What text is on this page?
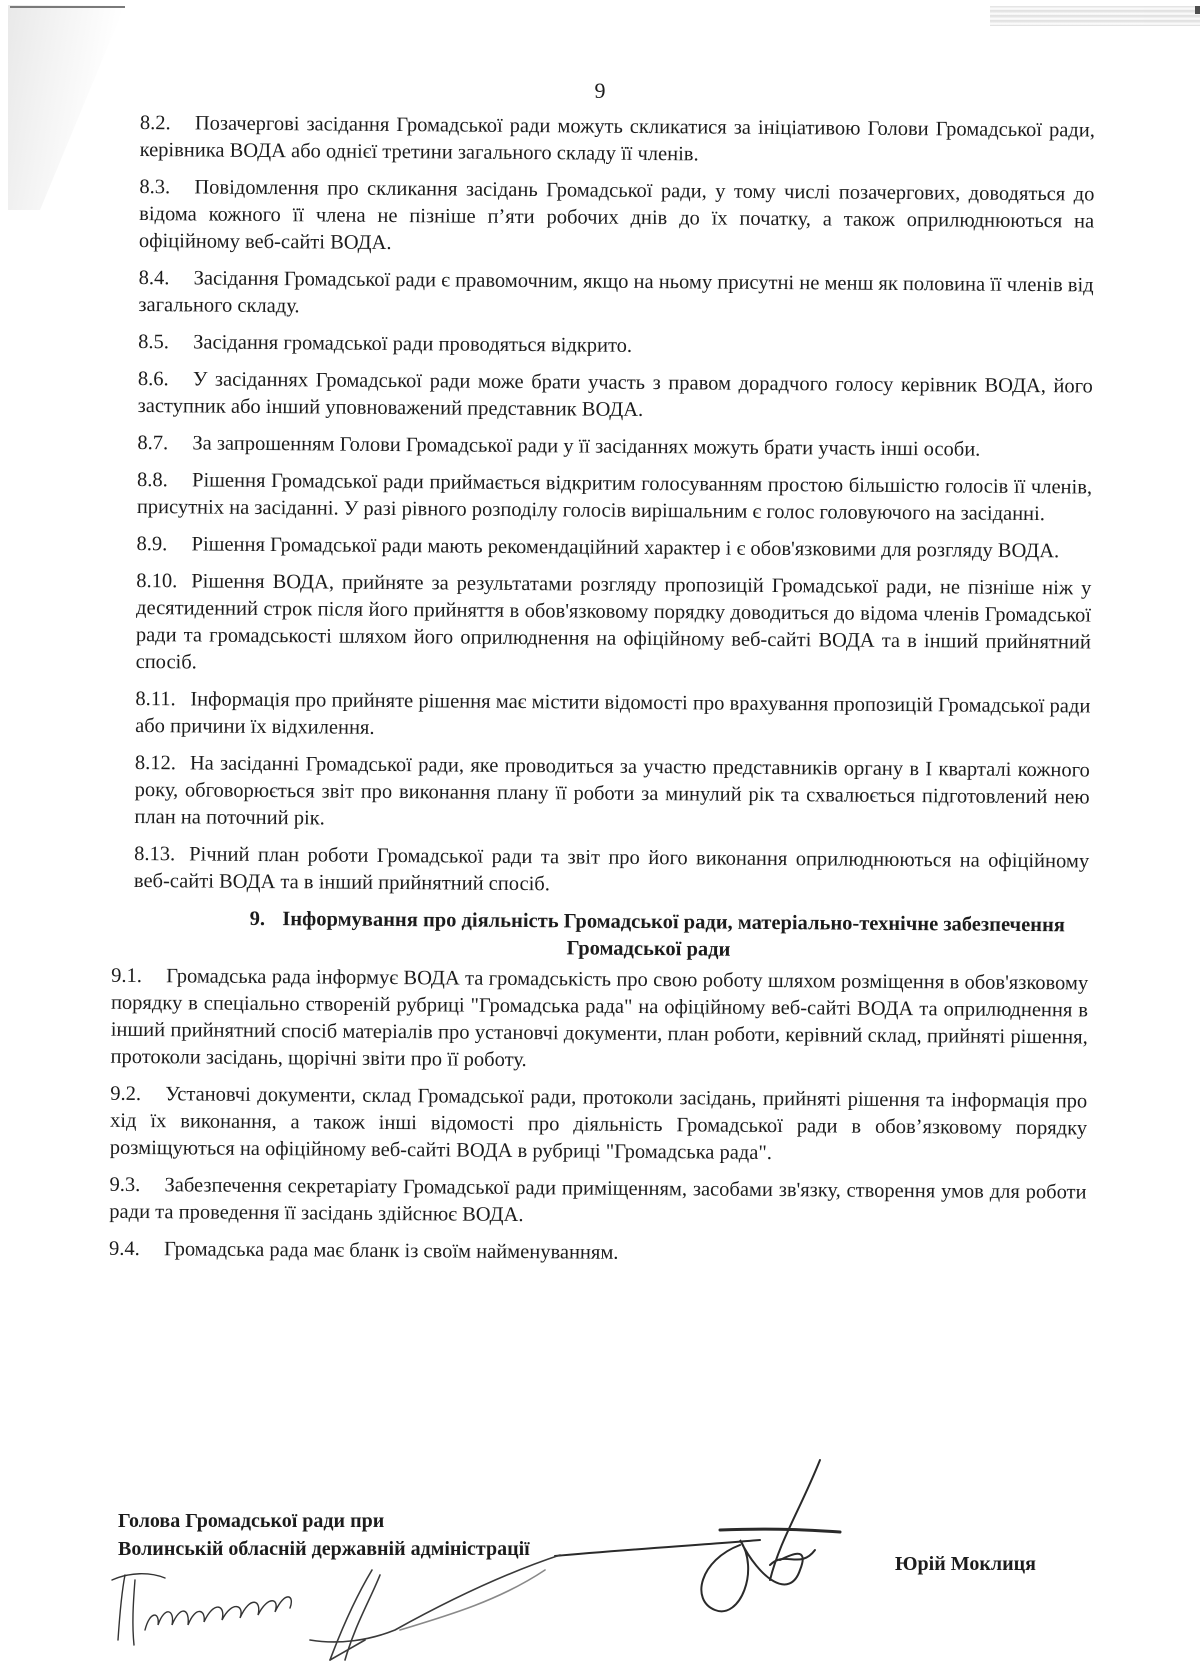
9

8.2. Позачергові засідання Громадської ради можуть скликатися за ініціативою Голови Громадської ради, керівника ВОДА або однієї третини загального складу її членів.

8.3. Повідомлення про скликання засідань Громадської ради, у тому числі позачергових, доводяться до відома кожного її члена не пізніше п’яти робочих днів до їх початку, а також оприлюднюються на офіційному веб-сайті ВОДА.

8.4. Засідання Громадської ради є правомочним, якщо на ньому присутні не менш як половина її членів від загального складу.

8.5. Засідання громадської ради проводяться відкрито.

8.6. У засіданнях Громадської ради може брати участь з правом дорадчого голосу керівник ВОДА, його заступник або інший уповноважений представник ВОДА.

8.7. За запрошенням Голови Громадської ради у її засіданнях можуть брати участь інші особи.

8.8. Рішення Громадської ради приймається відкритим голосуванням простою більшістю голосів її членів, присутніх на засіданні. У разі рівного розподілу голосів вирішальним є голос головуючого на засіданні.

8.9. Рішення Громадської ради мають рекомендаційний характер і є обов'язковими для розгляду ВОДА.

8.10. Рішення ВОДА, прийняте за результатами розгляду пропозицій Громадської ради, не пізніше ніж у десятиденний строк після його прийняття в обов'язковому порядку доводиться до відома членів Громадської ради та громадськості шляхом його оприлюднення на офіційному веб-сайті ВОДА та в інший прийнятний спосіб.

8.11. Інформація про прийняте рішення має містити відомості про врахування пропозицій Громадської ради або причини їх відхилення.

8.12. На засіданні Громадської ради, яке проводиться за участю представників органу в I кварталі кожного року, обговорюється звіт про виконання плану її роботи за минулий рік та схвалюється підготовлений нею план на поточний рік.

8.13. Річний план роботи Громадської ради та звіт про його виконання оприлюднюються на офіційному веб-сайті ВОДА та в інший прийнятний спосіб.

9. Інформування про діяльність Громадської ради, матеріально-технічне забезпечення Громадської ради

9.1. Громадська рада інформує ВОДА та громадськість про свою роботу шляхом розміщення в обов'язковому порядку в спеціально створеній рубриці "Громадська рада" на офіційному веб-сайті ВОДА та оприлюднення в інший прийнятний спосіб матеріалів про установчі документи, план роботи, керівний склад, прийняті рішення, протоколи засідань, щорічні звіти про її роботу.

9.2. Установчі документи, склад Громадської ради, протоколи засідань, прийняті рішення та інформація про хід їх виконання, а також інші відомості про діяльність Громадської ради в обов’язковому порядку розміщуються на офіційному веб-сайті ВОДА в рубриці "Громадська рада".

9.3. Забезпечення секретаріату Громадської ради приміщенням, засобами зв'язку, створення умов для роботи ради та проведення її засідань здійснює ВОДА.

9.4. Громадська рада має бланк із своїм найменуванням.

Голова Громадської ради при
Волинській обласній державній адміністрації
Юрій Моклиця
